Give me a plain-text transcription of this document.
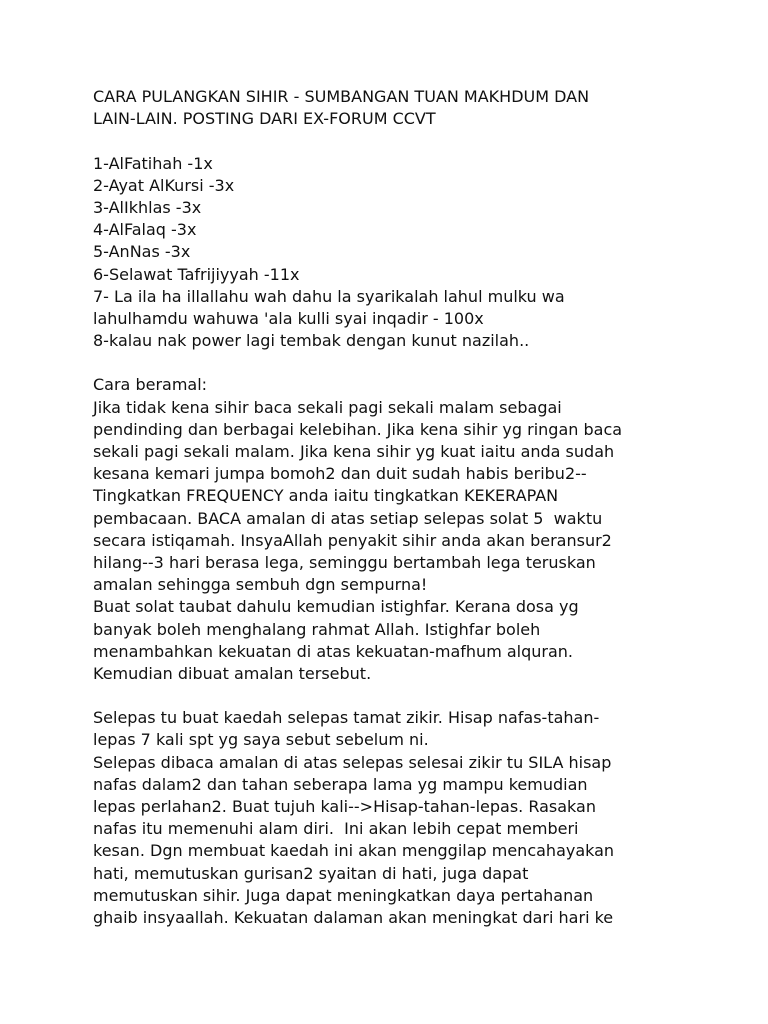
CARA PULANGKAN SIHIR - SUMBANGAN TUAN MAKHDUM DAN
LAIN-LAIN. POSTING DARI EX-FORUM CCVT
1-AlFatihah -1x
2-Ayat AlKursi -3x
3-AlIkhlas -3x
4-AlFalaq -3x
5-AnNas -3x
6-Selawat Tafrijiyyah -11x
7- La ila ha illallahu wah dahu la syarikalah lahul mulku wa
lahulhamdu wahuwa 'ala kulli syai inqadir - 100x
8-kalau nak power lagi tembak dengan kunut nazilah..
Cara beramal:
Jika tidak kena sihir baca sekali pagi sekali malam sebagai
pendinding dan berbagai kelebihan. Jika kena sihir yg ringan baca
sekali pagi sekali malam. Jika kena sihir yg kuat iaitu anda sudah
kesana kemari jumpa bomoh2 dan duit sudah habis beribu2--
Tingkatkan FREQUENCY anda iaitu tingkatkan KEKERAPAN
pembacaan. BACA amalan di atas setiap selepas solat 5  waktu
secara istiqamah. InsyaAllah penyakit sihir anda akan beransur2
hilang--3 hari berasa lega, seminggu bertambah lega teruskan
amalan sehingga sembuh dgn sempurna!
Buat solat taubat dahulu kemudian istighfar. Kerana dosa yg
banyak boleh menghalang rahmat Allah. Istighfar boleh
menambahkan kekuatan di atas kekuatan-mafhum alquran.
Kemudian dibuat amalan tersebut.
Selepas tu buat kaedah selepas tamat zikir. Hisap nafas-tahan-
lepas 7 kali spt yg saya sebut sebelum ni.
Selepas dibaca amalan di atas selepas selesai zikir tu SILA hisap
nafas dalam2 dan tahan seberapa lama yg mampu kemudian
lepas perlahan2. Buat tujuh kali-->Hisap-tahan-lepas. Rasakan
nafas itu memenuhi alam diri.  Ini akan lebih cepat memberi
kesan. Dgn membuat kaedah ini akan menggilap mencahayakan
hati, memutuskan gurisan2 syaitan di hati, juga dapat
memutuskan sihir. Juga dapat meningkatkan daya pertahanan
ghaib insyaallah. Kekuatan dalaman akan meningkat dari hari ke
